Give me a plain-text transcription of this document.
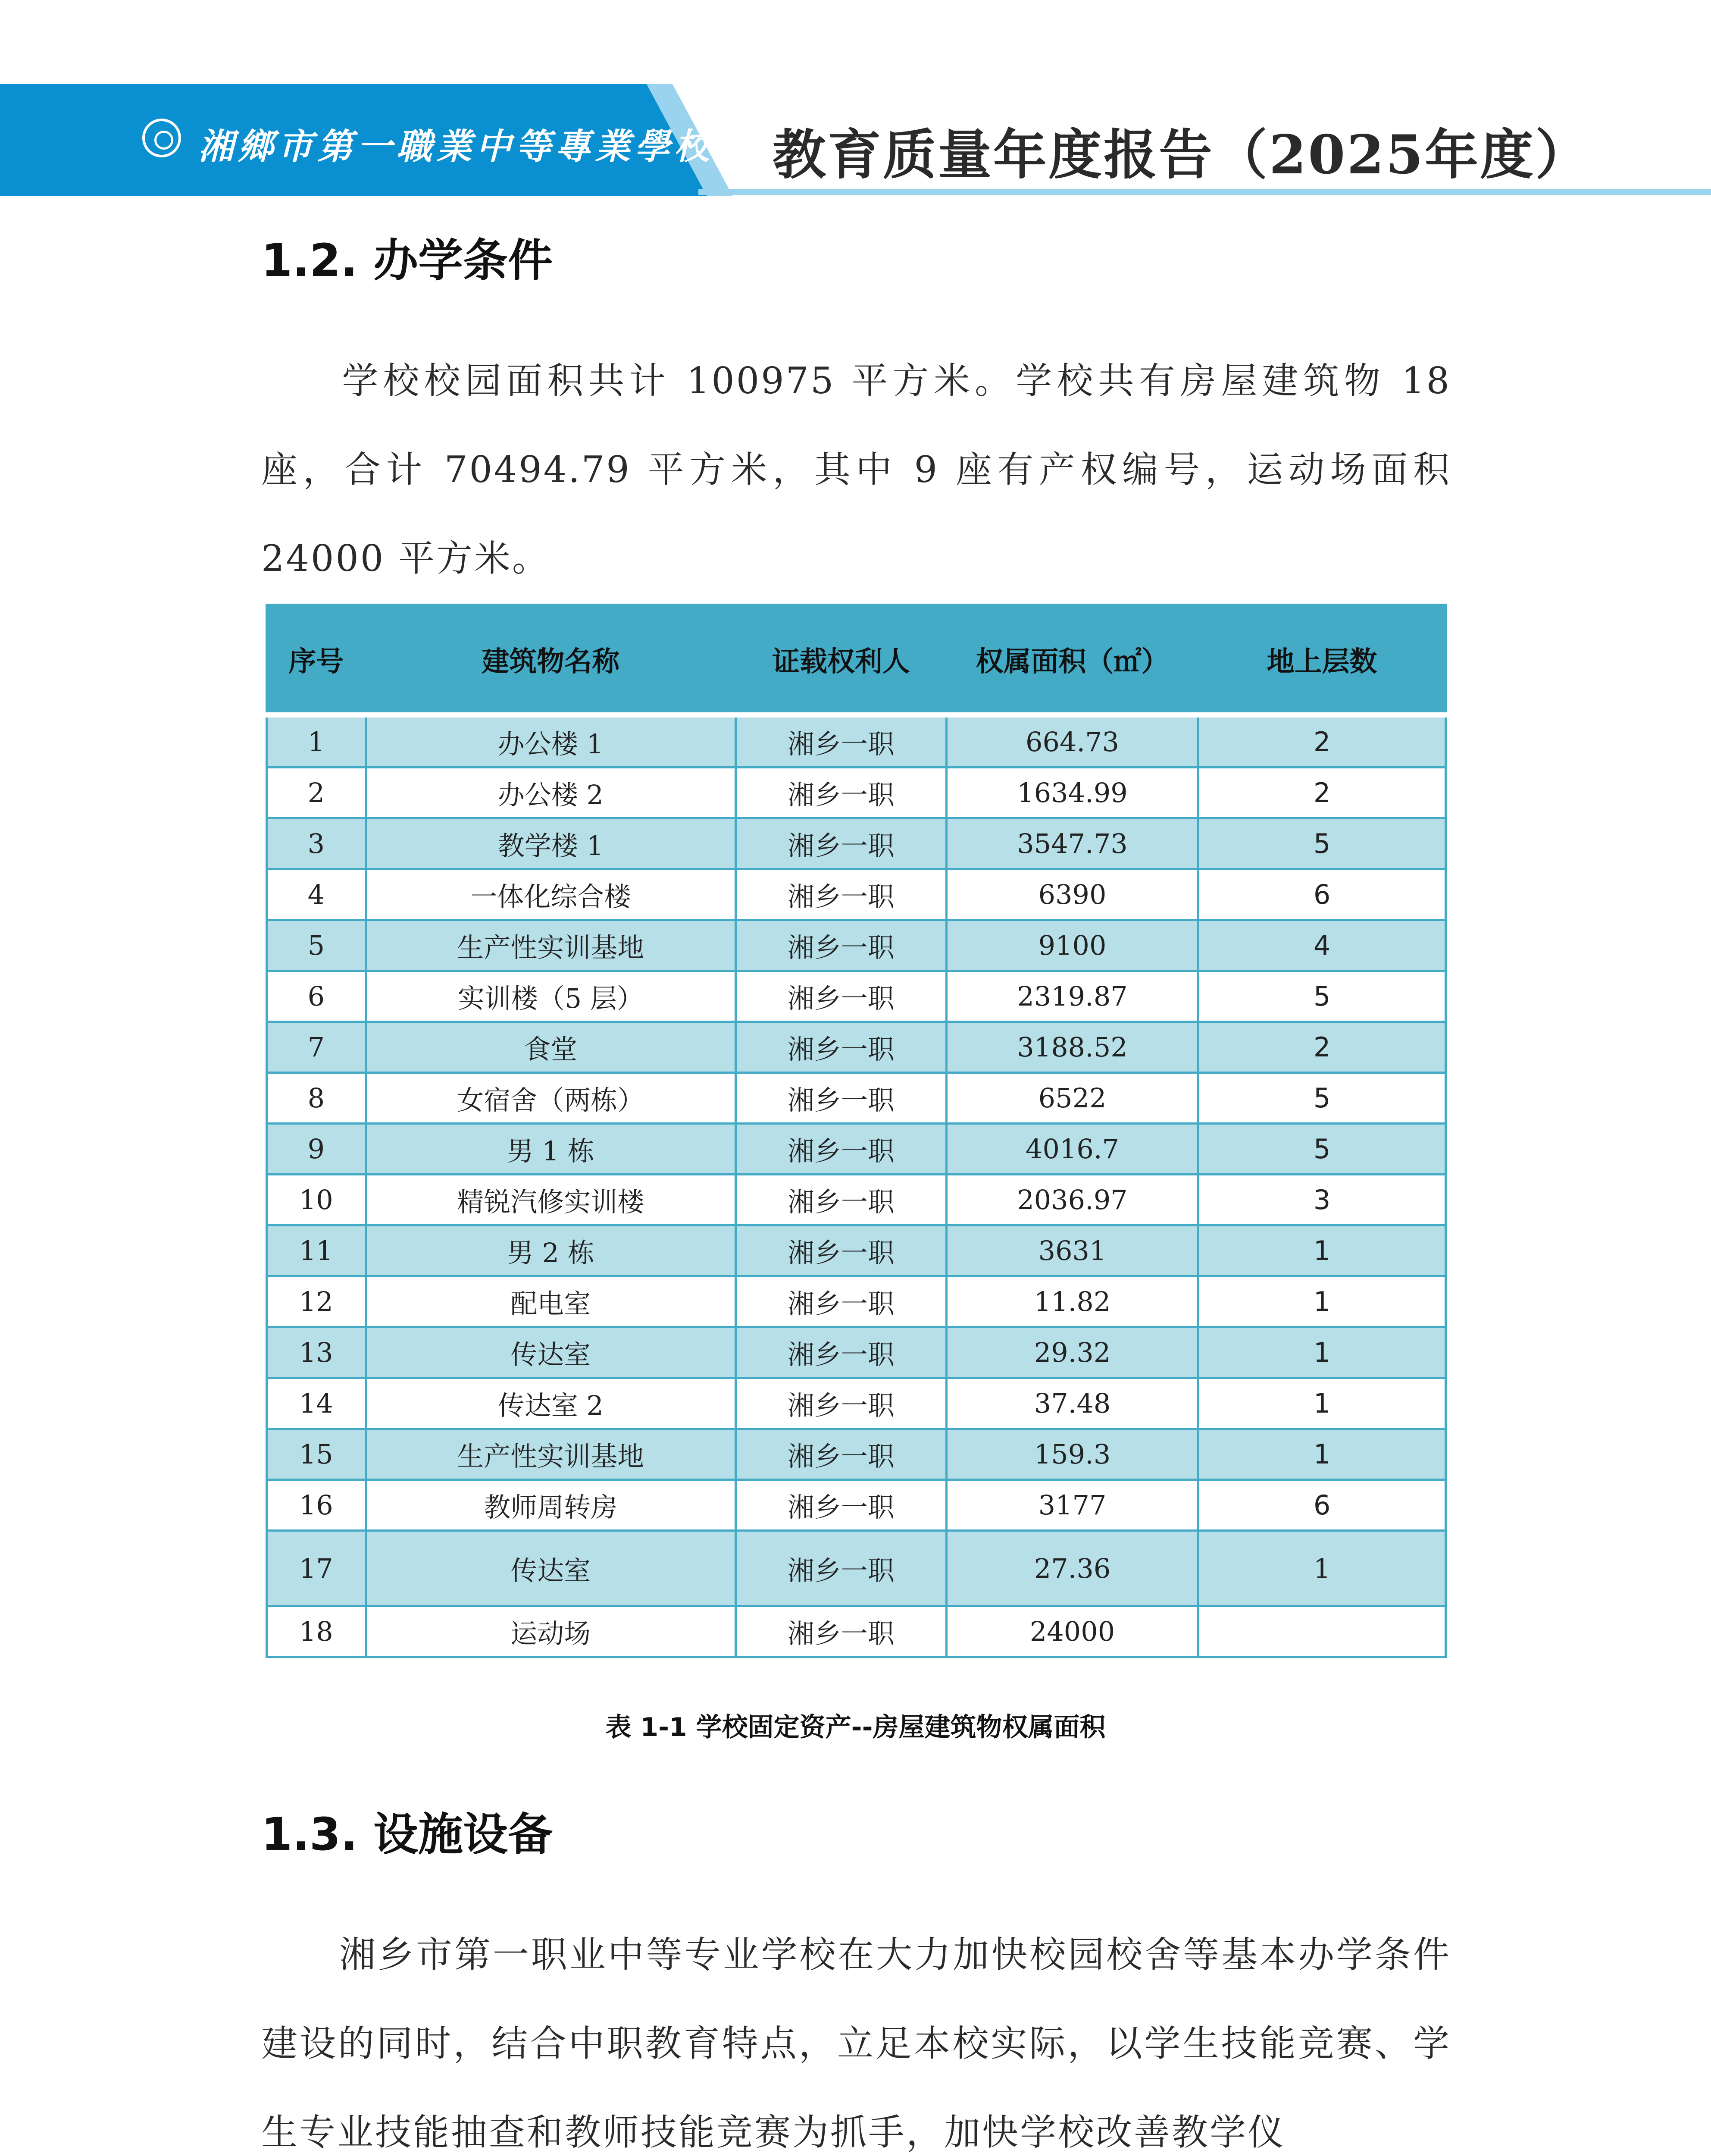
湘鄉市第一職業中等專業學校 教育质量年度报告（2025年度）
1.2. 办学条件
学校校园面积共计 100975 平方米。学校共有房屋建筑物 18 座，合计 70494.79 平方米，其中 9 座有产权编号，运动场面积 24000 平方米。
序号	建筑物名称	证载权利人	权属面积（㎡）	地上层数
1	办公楼 1	湘乡一职	664.73	2
2	办公楼 2	湘乡一职	1634.99	2
3	教学楼 1	湘乡一职	3547.73	5
4	一体化综合楼	湘乡一职	6390	6
5	生产性实训基地	湘乡一职	9100	4
6	实训楼（5 层）	湘乡一职	2319.87	5
7	食堂	湘乡一职	3188.52	2
8	女宿舍（两栋）	湘乡一职	6522	5
9	男 1 栋	湘乡一职	4016.7	5
10	精锐汽修实训楼	湘乡一职	2036.97	3
11	男 2 栋	湘乡一职	3631	1
12	配电室	湘乡一职	11.82	1
13	传达室	湘乡一职	29.32	1
14	传达室 2	湘乡一职	37.48	1
15	生产性实训基地	湘乡一职	159.3	1
16	教师周转房	湘乡一职	3177	6
17	传达室	湘乡一职	27.36	1
18	运动场	湘乡一职	24000	
表 1-1 学校固定资产--房屋建筑物权属面积
1.3. 设施设备
湘乡市第一职业中等专业学校在大力加快校园校舍等基本办学条件建设的同时，结合中职教育特点，立足本校实际，以学生技能竞赛、学生专业技能抽查和教师技能竞赛为抓手，加快学校改善教学仪
